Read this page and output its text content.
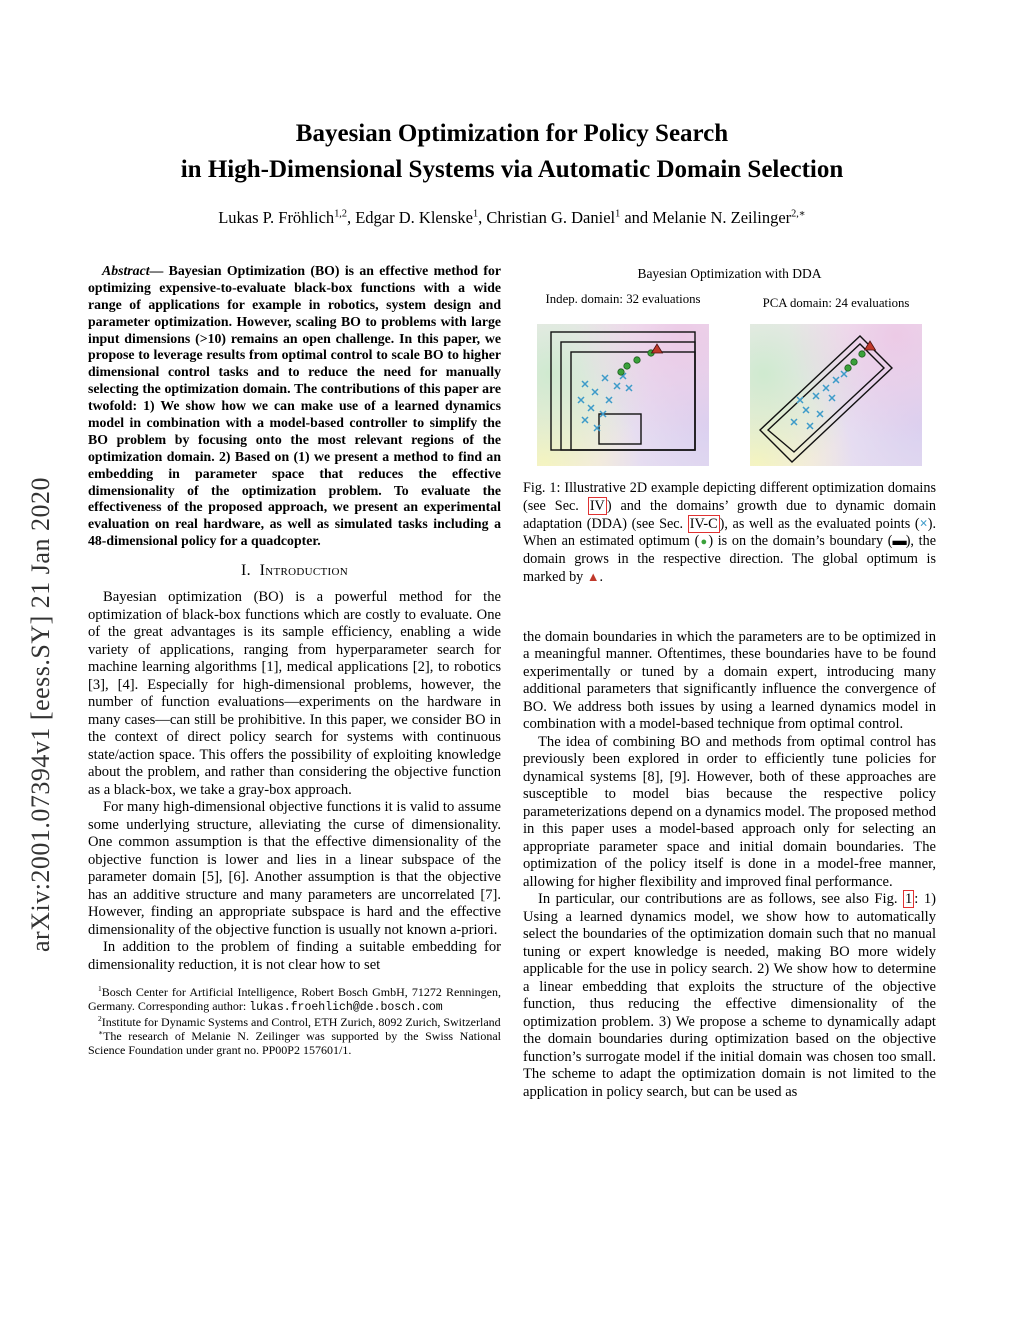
arXiv:2001.07394v1 [eess.SY] 21 Jan 2020
Bayesian Optimization for Policy Search
in High-Dimensional Systems via Automatic Domain Selection
Lukas P. Fröhlich$^{1,2}$, Edgar D. Klenske$^1$, Christian G. Daniel$^1$ and Melanie N. Zeilinger$^{2,∗}$

Abstract— Bayesian Optimization (BO) is an effective method for optimizing expensive-to-evaluate black-box functions with a wide range of applications for example in robotics, system design and parameter optimization. However, scaling BO to problems with large input dimensions (>10) remains an open challenge. In this paper, we propose to leverage results from optimal control to scale BO to higher dimensional control tasks and to reduce the need for manually selecting the optimization domain. The contributions of this paper are twofold: 1) We show how we can make use of a learned dynamics model in combination with a model-based controller to simplify the BO problem by focusing onto the most relevant regions of the optimization domain. 2) Based on (1) we present a method to find an embedding in parameter space that reduces the effective dimensionality of the optimization problem. To evaluate the effectiveness of the proposed approach, we present an experimental evaluation on real hardware, as well as simulated tasks including a 48-dimensional policy for a quadcopter.

I.  Introduction

Bayesian optimization (BO) is a powerful method for the optimization of black-box functions which are costly to evaluate. One of the great advantages is its sample efficiency, enabling a wide variety of applications, ranging from hyperparameter search for machine learning algorithms [1], medical applications [2], to robotics [3], [4]. Especially for high-dimensional problems, however, the number of function evaluations—experiments on the hardware in many cases—can still be prohibitive. In this paper, we consider BO in the context of direct policy search for systems with continuous state/action space. This offers the possibility of exploiting knowledge about the problem, and rather than considering the objective function as a black-box, we take a gray-box approach.

For many high-dimensional objective functions it is valid to assume some underlying structure, alleviating the curse of dimensionality. One common assumption is that the effective dimensionality of the objective function is lower and lies in a linear subspace of the parameter domain [5], [6]. Another assumption is that the objective has an additive structure and many parameters are uncorrelated [7]. However, finding an appropriate subspace is hard and the effective dimensionality of the objective function is usually not known a-priori.

In addition to the problem of finding a suitable embedding for dimensionality reduction, it is not clear how to set

$^1$Bosch Center for Artificial Intelligence, Robert Bosch GmbH, 71272 Renningen, Germany. Corresponding author: lukas.froehlich@de.bosch.com

$^2$Institute for Dynamic Systems and Control, ETH Zurich, 8092 Zurich, Switzerland

∗The research of Melanie N. Zeilinger was supported by the Swiss National Science Foundation under grant no. PP00P2 157601/1.

Bayesian Optimization with DDA
Indep. domain: 32 evaluations	PCA domain: 24 evaluations
Fig. 1: Illustrative 2D example depicting different optimization domains (see Sec. IV ) and the domains’ growth due to dynamic domain adaptation (DDA) (see Sec. IV-C ), as well as the evaluated points (×). When an estimated optimum (●) is on the domain’s boundary (▬), the domain grows in the respective direction. The global optimum is marked by ▲.

the domain boundaries in which the parameters are to be optimized in a meaningful manner. Oftentimes, these boundaries have to be found experimentally or tuned by a domain expert, introducing many additional parameters that significantly influence the convergence of BO. We address both issues by using a learned dynamics model in combination with a model-based technique from optimal control.

The idea of combining BO and methods from optimal control has previously been explored in order to efficiently tune policies for dynamical systems [8], [9]. However, both of these approaches are susceptible to model bias because the respective policy parameterizations depend on a dynamics model. The proposed method in this paper uses a model-based approach only for selecting an appropriate parameter space and initial domain boundaries. The optimization of the policy itself is done in a model-free manner, allowing for higher flexibility and improved final performance.

In particular, our contributions are as follows, see also Fig. 1 : 1) Using a learned dynamics model, we show how to automatically select the boundaries of the optimization domain such that no manual tuning or expert knowledge is needed, making BO more widely applicable for the use in policy search. 2) We show how to determine a linear embedding that exploits the structure of the objective function, thus reducing the effective dimensionality of the optimization problem. 3) We propose a scheme to dynamically adapt the domain boundaries during optimization based on the objective function’s surrogate model if the initial domain was chosen too small. The scheme to adapt the optimization domain is not limited to the application in policy search, but can be used as
